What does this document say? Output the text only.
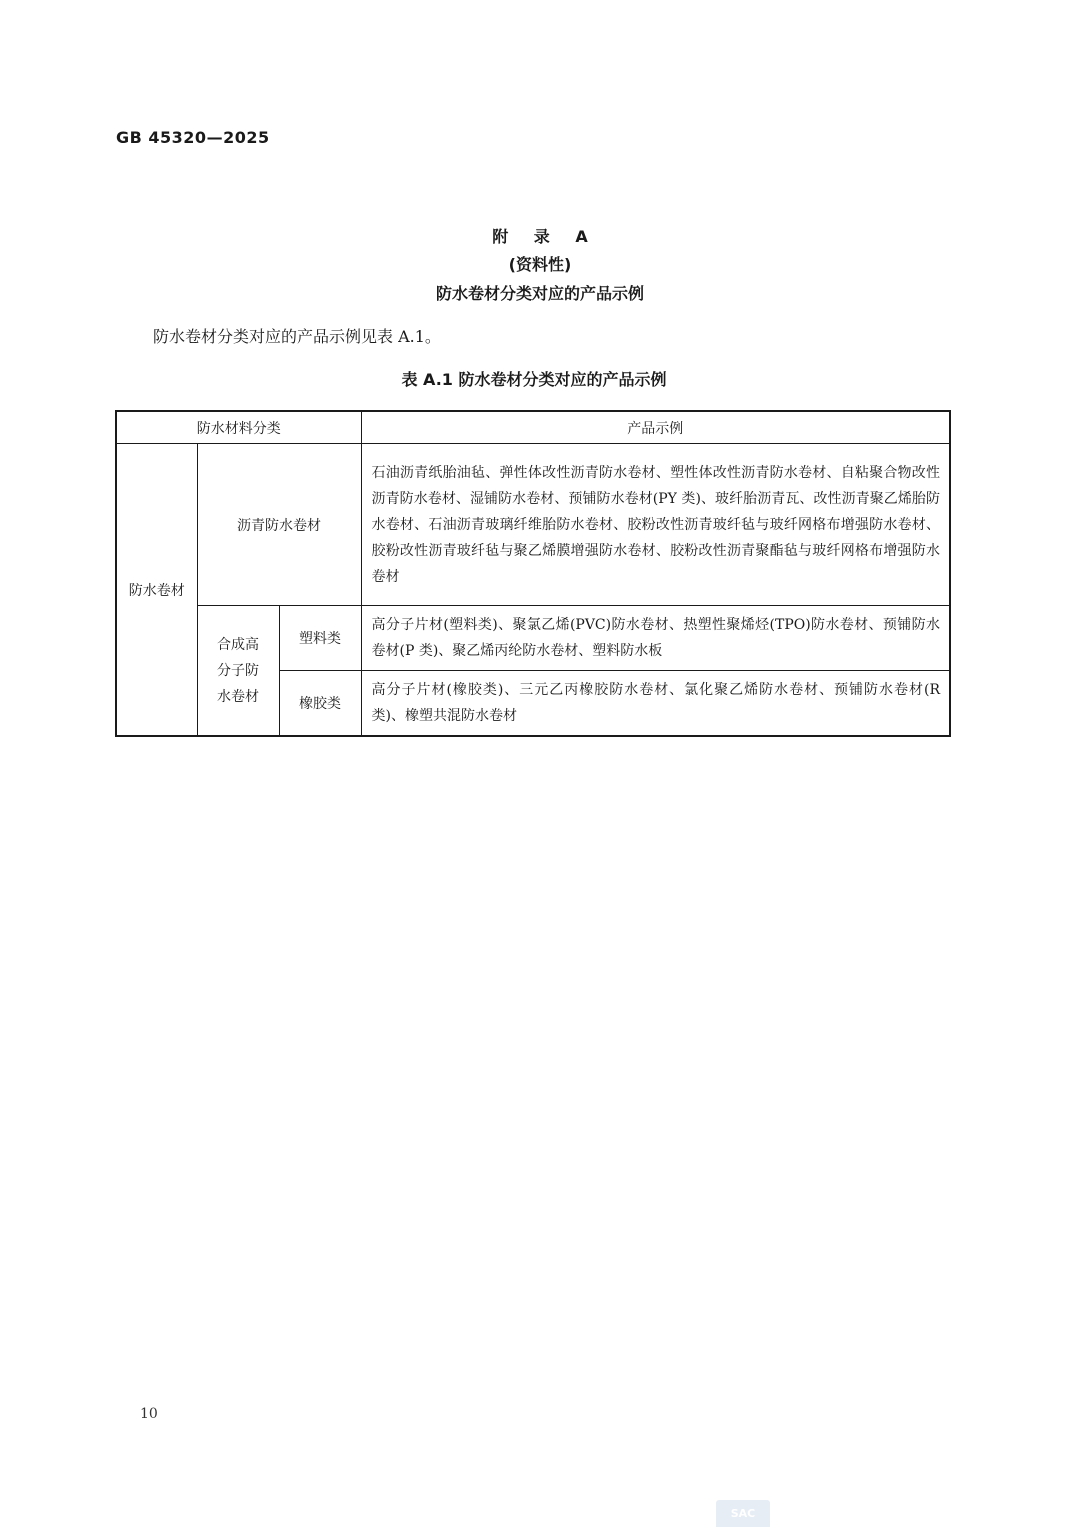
GB 45320—2025
附 录 A
(资料性)
防水卷材分类对应的产品示例
防水卷材分类对应的产品示例见表 A.1。
表 A.1 防水卷材分类对应的产品示例
防水材料分类			产品示例
防水卷材	沥青防水卷材		石油沥青纸胎油毡、弹性体改性沥青防水卷材、塑性体改性沥青防水卷材、自粘聚合物改性沥青防水卷材、湿铺防水卷材、预铺防水卷材(PY 类)、玻纤胎沥青瓦、改性沥青聚乙烯胎防水卷材、石油沥青玻璃纤维胎防水卷材、胶粉改性沥青玻纤毡与玻纤网格布增强防水卷材、胶粉改性沥青玻纤毡与聚乙烯膜增强防水卷材、胶粉改性沥青聚酯毡与玻纤网格布增强防水卷材
	合成高分子防水卷材	塑料类	高分子片材(塑料类)、聚氯乙烯(PVC)防水卷材、热塑性聚烯烃(TPO)防水卷材、预铺防水卷材(P 类)、聚乙烯丙纶防水卷材、塑料防水板
		橡胶类	高分子片材(橡胶类)、三元乙丙橡胶防水卷材、氯化聚乙烯防水卷材、预铺防水卷材(R 类)、橡塑共混防水卷材
10
SAC
